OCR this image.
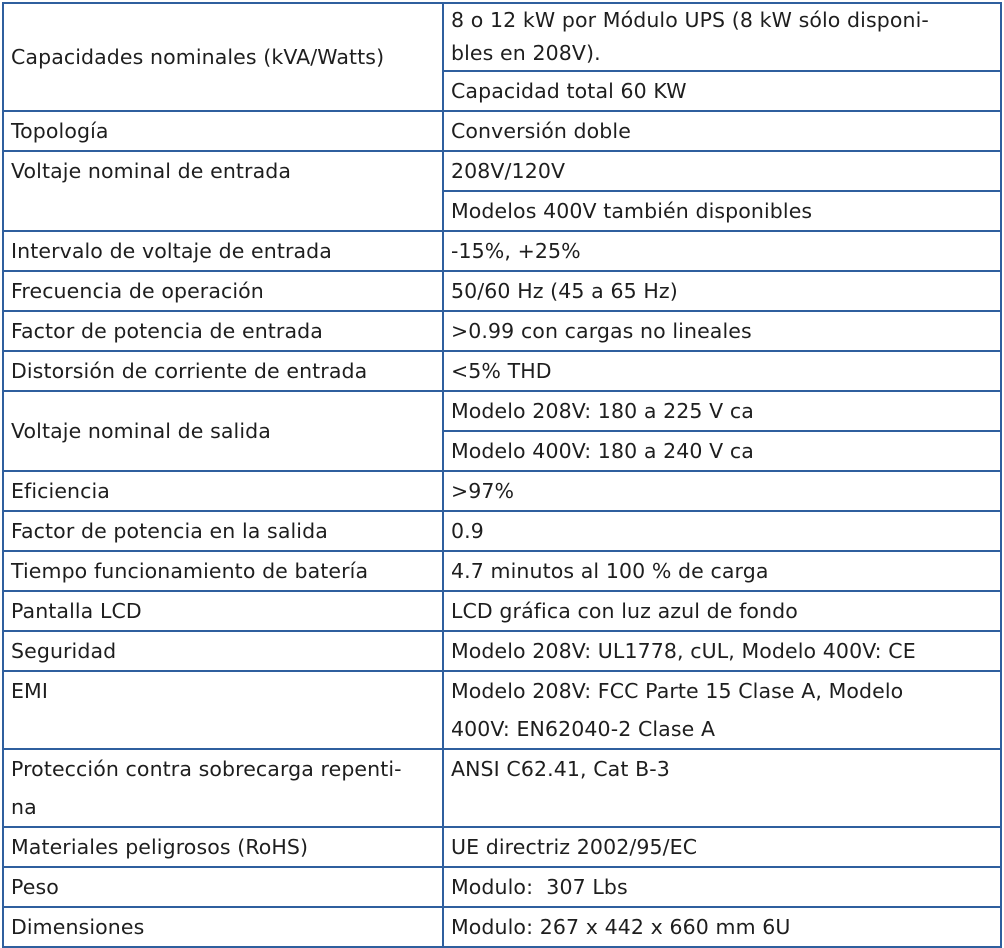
Capacidades nominales (kVA/Watts)	8 o 12 kW por Módulo UPS (8 kW sólo disponi-
bles en 208V).

	Capacidad total 60 KW
Topología	Conversión doble
Voltaje nominal de entrada	208V/120V
	Modelos 400V también disponibles
Intervalo de voltaje de entrada	-15%, +25%
Frecuencia de operación	50/60 Hz (45 a 65 Hz)
Factor de potencia de entrada	>0.99 con cargas no lineales
Distorsión de corriente de entrada	<5% THD
Voltaje nominal de salida	Modelo 208V: 180 a 225 V ca
	Modelo 400V: 180 a 240 V ca
Eficiencia	>97%
Factor de potencia en la salida	0.9
Tiempo funcionamiento de batería	4.7 minutos al 100 % de carga
Pantalla LCD	LCD gráfica con luz azul de fondo
Seguridad	Modelo 208V: UL1778, cUL, Modelo 400V: CE
EMI	Modelo 208V: FCC Parte 15 Clase A, Modelo
400V: EN62040-2 Clase A

Protección contra sobrecarga repenti-
na	ANSI C62.41, Cat B-3
Materiales peligrosos (RoHS)	UE directriz 2002/95/EC
Peso	Modulo:  307 Lbs
Dimensiones	Modulo: 267 x 442 x 660 mm 6U
